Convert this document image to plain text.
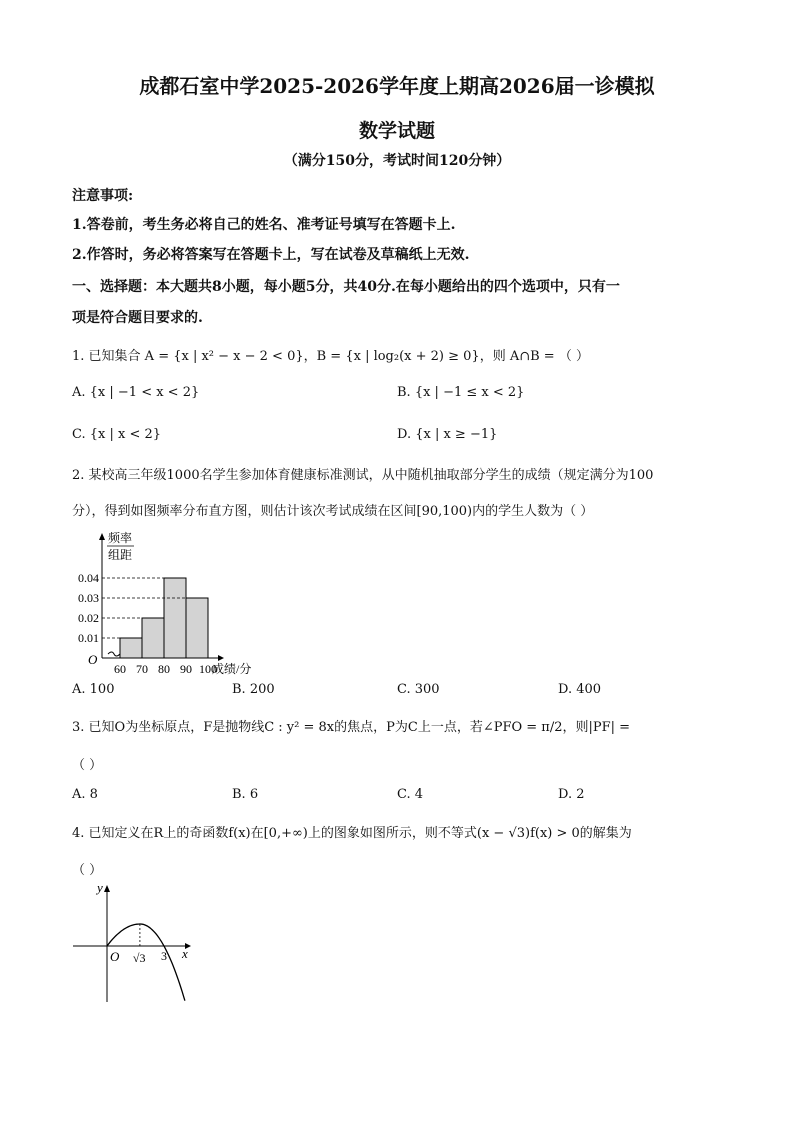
成都石室中学2025-2026学年度上期高2026届一诊模拟
数学试题
（满分150分，考试时间120分钟）
注意事项:
1.答卷前，考生务必将自己的姓名、准考证号填写在答题卡上.
2.作答时，务必将答案写在答题卡上，写在试卷及草稿纸上无效.
一、选择题：本大题共8小题，每小题5分，共40分.在每小题给出的四个选项中，只有一
项是符合题目要求的.
1. 已知集合 A = {x | x² − x − 2 < 0}，B = {x | log₂(x + 2) ≥ 0}，则 A∩B = （ ）
A. {x | −1 < x < 2}	B. {x | −1 ≤ x < 2}
C. {x | x < 2}	D. {x | x ≥ −1}
2. 某校高三年级1000名学生参加体育健康标准测试，从中随机抽取部分学生的成绩（规定满分为100
分），得到如图频率分布直方图，则估计该次考试成绩在区间[90,100)内的学生人数为（ ）
0.01
0.02
0.03
0.04
60 70 80 90 100
O
频率
组距
成绩/分
A. 100	B. 200	C. 300	D. 400
3. 已知O为坐标原点，F是抛物线C : y² = 8x的焦点，P为C上一点，若∠PFO = π/2，则|PF| =
（ ）
A. 8	B. 6	C. 4	D. 2
4. 已知定义在R上的奇函数f(x)在[0,+∞)上的图象如图所示，则不等式(x − √3)f(x) > 0的解集为
（ ）
O √3 3
y
x
